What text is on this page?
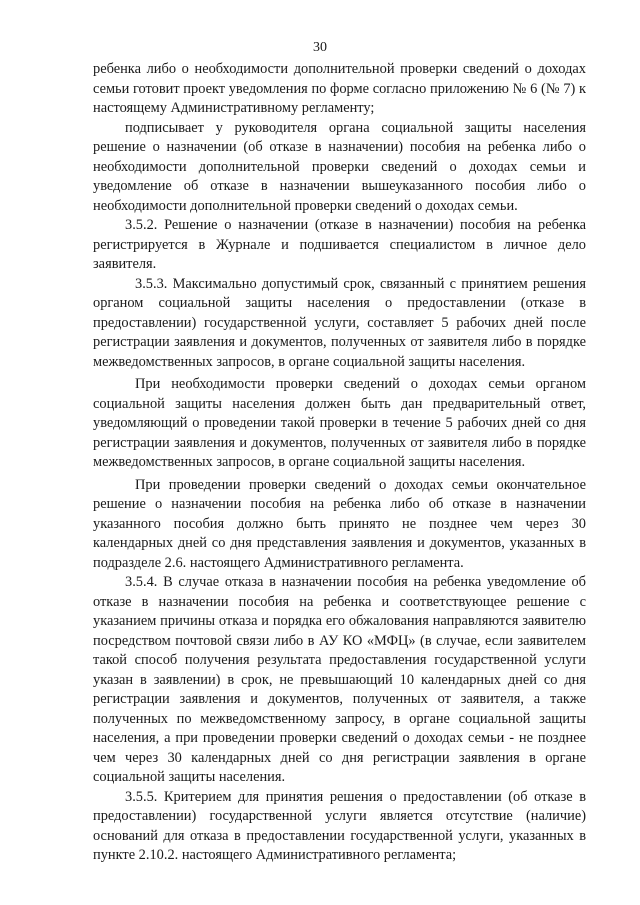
30

ребенка либо о необходимости дополнительной проверки сведений о доходах семьи готовит проект уведомления по форме согласно приложению № 6 (№ 7) к настоящему Административному регламенту;

подписывает у руководителя органа социальной защиты населения решение о назначении (об отказе в назначении) пособия на ребенка либо о необходимости дополнительной проверки сведений о доходах семьи и уведомление об отказе в назначении вышеуказанного пособия либо о необходимости дополнительной проверки сведений о доходах семьи.

3.5.2. Решение о назначении (отказе в назначении) пособия на ребенка регистрируется в Журнале и подшивается специалистом в личное дело заявителя.

3.5.3. Максимально допустимый срок, связанный с принятием решения органом социальной защиты населения о предоставлении (отказе в предоставлении) государственной услуги, составляет 5 рабочих дней после регистрации заявления и документов, полученных от заявителя либо в порядке межведомственных запросов, в органе социальной защиты населения.

При необходимости проверки сведений о доходах семьи органом социальной защиты населения должен быть дан предварительный ответ, уведомляющий о проведении такой проверки в течение 5 рабочих дней со дня регистрации заявления и документов, полученных от заявителя либо в порядке межведомственных запросов, в органе социальной защиты населения.

При проведении проверки сведений о доходах семьи окончательное решение о назначении пособия на ребенка либо об отказе в назначении указанного пособия должно быть принято не позднее чем через 30 календарных дней со дня представления заявления и документов, указанных в подразделе 2.6. настоящего Административного регламента.

3.5.4. В случае отказа в назначении пособия на ребенка уведомление об отказе в назначении пособия на ребенка и соответствующее решение с указанием причины отказа и порядка его обжалования направляются заявителю посредством почтовой связи либо в АУ КО «МФЦ» (в случае, если заявителем такой способ получения результата предоставления государственной услуги указан в заявлении) в срок, не превышающий 10 календарных дней со дня регистрации заявления и документов, полученных от заявителя, а также полученных по межведомственному запросу, в органе социальной защиты населения, а при проведении проверки сведений о доходах семьи - не позднее чем через 30 календарных дней со дня регистрации заявления в органе социальной защиты населения.

3.5.5. Критерием для принятия решения о предоставлении (об отказе в предоставлении) государственной услуги является отсутствие (наличие) оснований для отказа в предоставлении государственной услуги, указанных в пункте 2.10.2. настоящего Административного регламента;
